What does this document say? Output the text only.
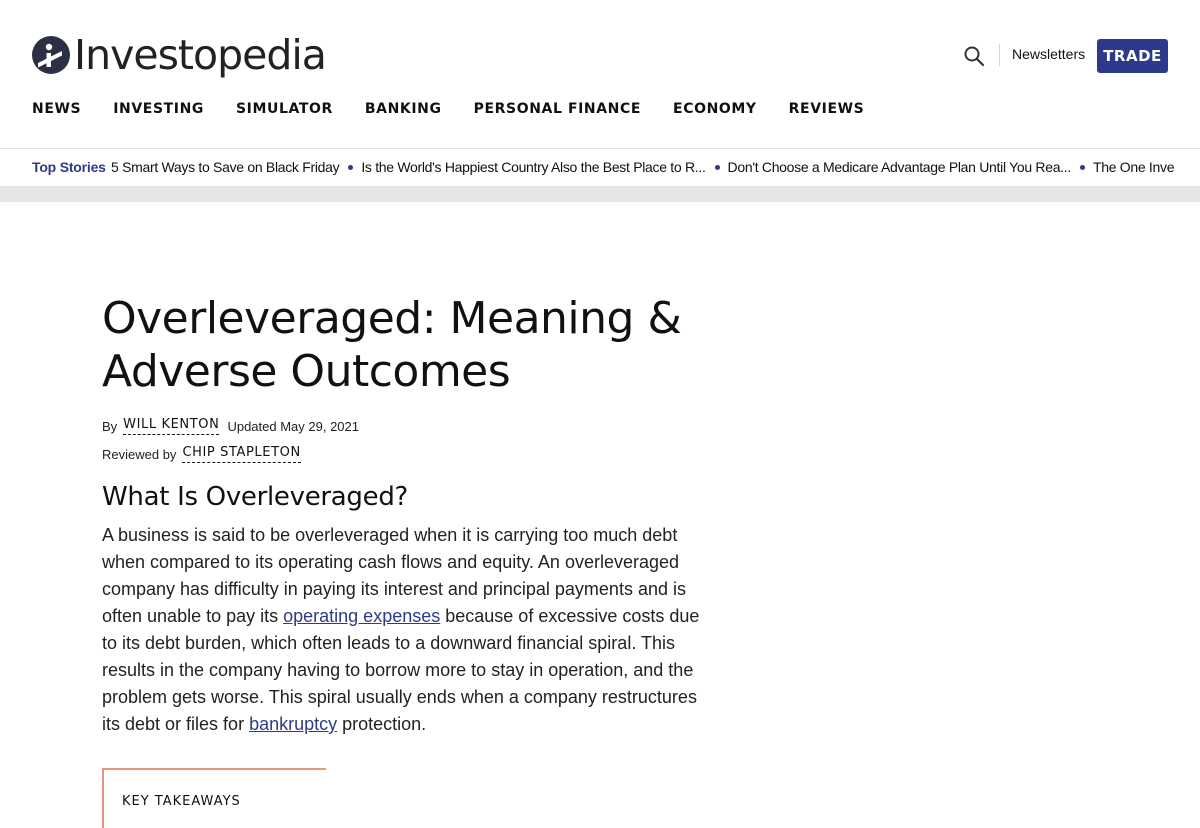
Investopedia	Newsletters	TRADE
NEWS INVESTING SIMULATOR BANKING PERSONAL FINANCE ECONOMY REVIEWS
Top Stories 5 Smart Ways to Save on Black Friday Is the World's Happiest Country Also the Best Place to R... Don't Choose a Medicare Advantage Plan Until You Rea... The One Inve
Overleveraged: Meaning & Adverse Outcomes
By WILL KENTON Updated May 29, 2021
Reviewed by CHIP STAPLETON
What Is Overleveraged?

A business is said to be overleveraged when it is carrying too much debt when compared to its operating cash flows and equity. An overleveraged company has difficulty in paying its interest and principal payments and is often unable to pay its operating expenses because of excessive costs due to its debt burden, which often leads to a downward financial spiral. This results in the company having to borrow more to stay in operation, and the problem gets worse. This spiral usually ends when a company restructures its debt or files for bankruptcy protection.

KEY TAKEAWAYS
